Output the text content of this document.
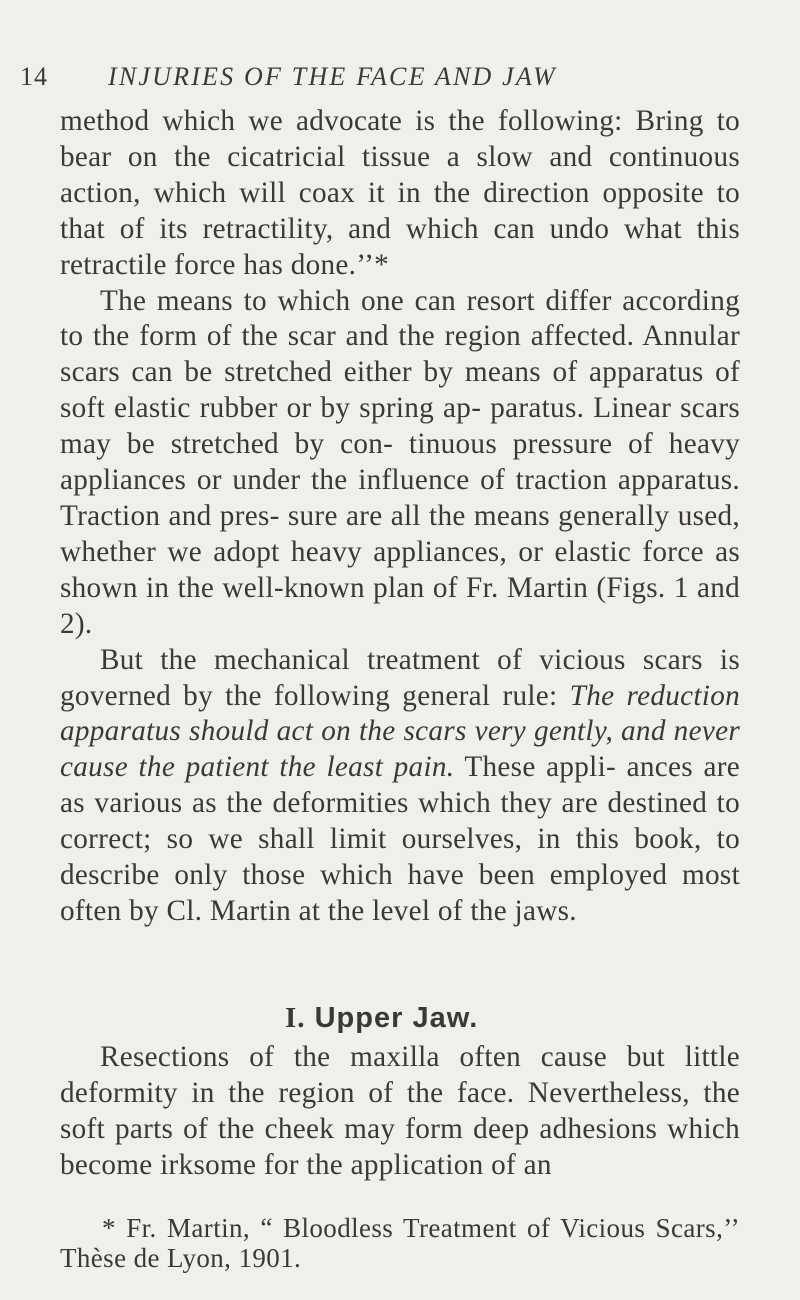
14 INJURIES OF THE FACE AND JAW

method which we advocate is the following: Bring to bear on the cicatricial tissue a slow and continuous action, which will coax it in the direction opposite to that of its retractility, and which can undo what this retractile force has done.’’*

The means to which one can resort differ according to the form of the scar and the region affected. Annular scars can be stretched either by means of apparatus of soft elastic rubber or by spring ap- paratus. Linear scars may be stretched by con- tinuous pressure of heavy appliances or under the influence of traction apparatus. Traction and pres- sure are all the means generally used, whether we adopt heavy appliances, or elastic force as shown in the well-known plan of Fr. Martin (Figs. 1 and 2).

But the mechanical treatment of vicious scars is governed by the following general rule: The reduction apparatus should act on the scars very gently, and never cause the patient the least pain. These appli- ances are as various as the deformities which they are destined to correct; so we shall limit ourselves, in this book, to describe only those which have been employed most often by Cl. Martin at the level of the jaws.

I. Upper Jaw.

Resections of the maxilla often cause but little deformity in the region of the face. Nevertheless, the soft parts of the cheek may form deep adhesions which become irksome for the application of an

* Fr. Martin, “ Bloodless Treatment of Vicious Scars,’’ Thèse de Lyon, 1901.
